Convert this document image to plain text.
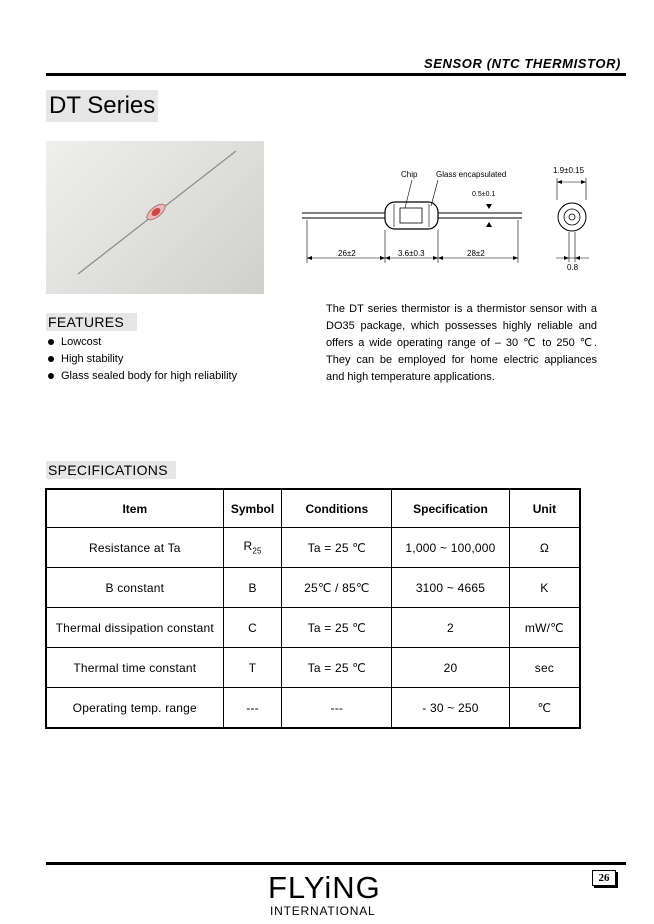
SENSOR (NTC THERMISTOR)
DT Series
Chip Glass encapsulated
0.5±0.1
26±2	3.6±0.3	28±2
1.9±0.15
0.8
FEATURES
Lowcost
High stability
Glass sealed body for high reliability

The DT series thermistor is a thermistor sensor with a DO35 package, which possesses highly reliable and offers a wide operating range of – 30 ℃ to 250 ℃. They can be employed for home electric appliances and high temperature applications.

SPECIFICATIONS
Item	Symbol	Conditions	Specification	Unit
Resistance at Ta	$R_{25}$	Ta = 25 ℃	1,000 ~ 100,000	Ω
B constant	B	25℃ / 85℃	3100 ~ 4665	K
Thermal dissipation constant	C	Ta = 25 ℃	2	mW/℃
Thermal time constant	T	Ta = 25 ℃	20	sec
Operating temp. range	---	---	- 30 ~ 250	℃
26
FLYiNG
INTERNATIONAL
